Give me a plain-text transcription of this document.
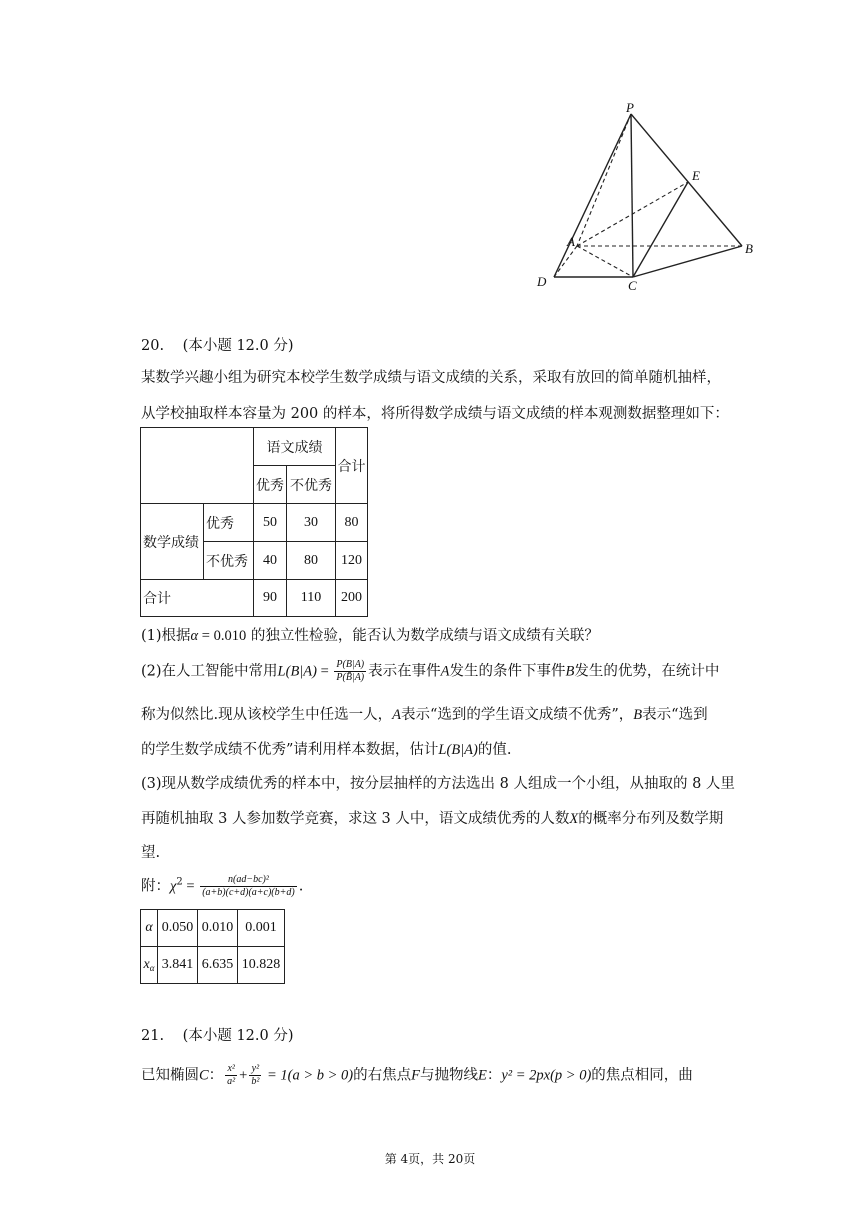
P
E
A	B
D	C
20. (本小题 12.0 分)
某数学兴趣小组为研究本校学生数学成绩与语文成绩的关系，采取有放回的简单随机抽样，
从学校抽取样本容量为 200 的样本，将所得数学成绩与语文成绩的样本观测数据整理如下：
		语文成绩		合计
		优秀	不优秀	
数学成绩	优秀	50	30	80
	不优秀	40	80	120
合计		90	110	200
(1)根据α = 0.010 的独立性检验，能否认为数学成绩与语文成绩有关联？
(2)在人工智能中常用$L(B|A) = \frac{P(B|A)}{P(B̄|A)}$ 表示在事件A发生的条件下事件B发生的优势，在统计中
称为似然比.现从该校学生中任选一人，A表示“选到的学生语文成绩不优秀”，B表示“选到
的学生数学成绩不优秀”请利用样本数据，估计L(B|A)的值.
(3)现从数学成绩优秀的样本中，按分层抽样的方法选出 8 人组成一个小组，从抽取的 8 人里
再随机抽取 3 人参加数学竞赛，求这 3 人中，语文成绩优秀的人数X的概率分布列及数学期
望.
附：$\chi^2 = \frac{\text{n(ad−bc)²}}{(a+b)(c+d)(a+c)(b+d)}$ .
α	0.050	0.010	0.001
$x_\alpha$	3.841	6.635	10.828
21. (本小题 12.0 分)
已知椭圆C： $\frac{\text{x²}}{\text{a²}} + \frac{\text{y²}}{\text{b²}} = 1(a > b > 0)$的右焦点F与抛物线E：y² = 2px(p > 0)的焦点相同，曲
第 4页，共 20页
